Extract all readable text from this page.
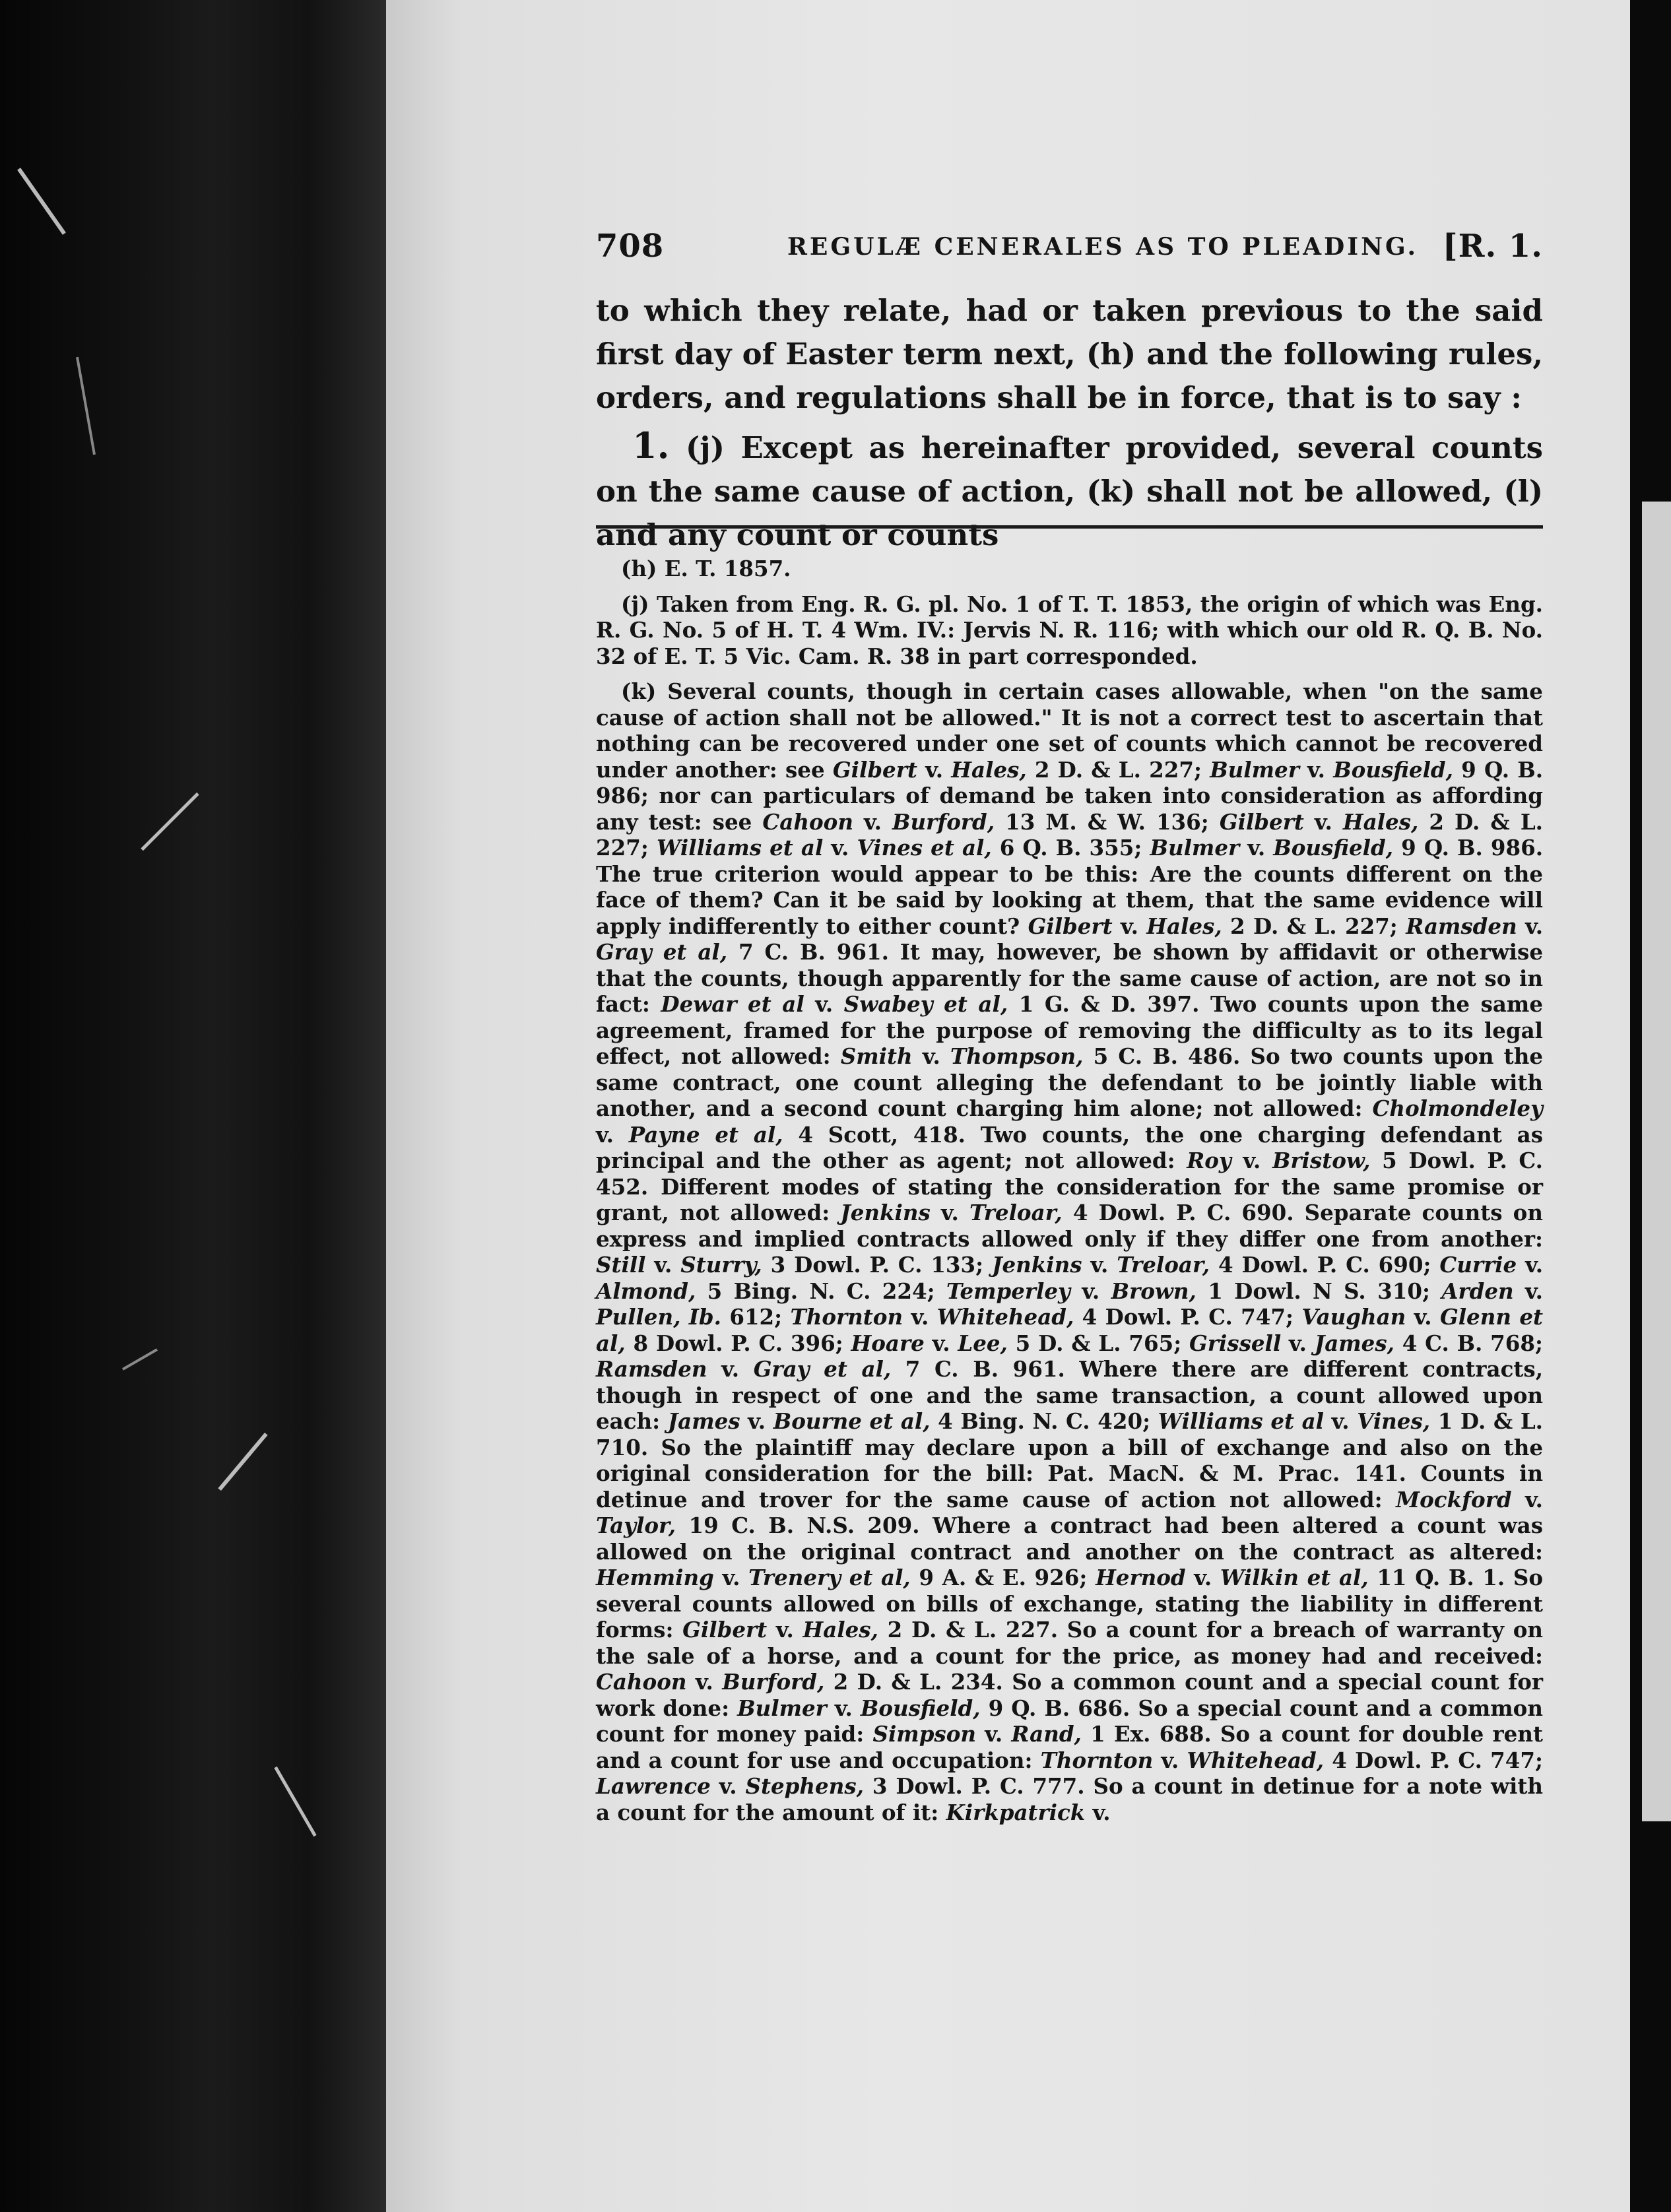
708	REGULÆ CENERALES AS TO PLEADING. [R. 1.

to which they relate, had or taken previous to the said first day of Easter term next, (h) and the following rules, orders, and regulations shall be in force, that is to say :

1. (j) Except as hereinafter provided, several counts on the same cause of action, (k) shall not be allowed, (l) and any count or counts

(h) E. T. 1857.

(j) Taken from Eng. R. G. pl. No. 1 of T. T. 1853, the origin of which was Eng. R. G. No. 5 of H. T. 4 Wm. IV.: Jervis N. R. 116; with which our old R. Q. B. No. 32 of E. T. 5 Vic. Cam. R. 38 in part corresponded.

(k) Several counts, though in certain cases allowable, when "on the same cause of action shall not be allowed." It is not a correct test to ascertain that nothing can be recovered under one set of counts which cannot be recovered under another: see Gilbert v. Hales, 2 D. & L. 227; Bulmer v. Bousfield, 9 Q. B. 986; nor can particulars of demand be taken into consideration as affording any test: see Cahoon v. Burford, 13 M. & W. 136; Gilbert v. Hales, 2 D. & L. 227; Williams et al v. Vines et al, 6 Q. B. 355; Bulmer v. Bousfield, 9 Q. B. 986. The true criterion would appear to be this: Are the counts different on the face of them? Can it be said by looking at them, that the same evidence will apply indifferently to either count? Gilbert v. Hales, 2 D. & L. 227; Ramsden v. Gray et al, 7 C. B. 961. It may, however, be shown by affidavit or otherwise that the counts, though apparently for the same cause of action, are not so in fact: Dewar et al v. Swabey et al, 1 G. & D. 397. Two counts upon the same agreement, framed for the purpose of removing the difficulty as to its legal effect, not allowed: Smith v. Thompson, 5 C. B. 486. So two counts upon the same contract, one count alleging the defendant to be jointly liable with another, and a second count charging him alone; not allowed: Cholmondeley v. Payne et al, 4 Scott, 418. Two counts, the one charging defendant as principal and the other as agent; not allowed: Roy v. Bristow, 5 Dowl. P. C. 452. Different modes of stating the consideration for the same promise or grant, not allowed: Jenkins v. Treloar, 4 Dowl. P. C. 690. Separate counts on express and implied contracts allowed only if they differ one from another: Still v. Sturry, 3 Dowl. P. C. 133; Jenkins v. Treloar, 4 Dowl. P. C. 690; Currie v. Almond, 5 Bing. N. C. 224; Temperley v. Brown, 1 Dowl. N S. 310; Arden v. Pullen, Ib. 612; Thornton v. Whitehead, 4 Dowl. P. C. 747; Vaughan v. Glenn et al, 8 Dowl. P. C. 396; Hoare v. Lee, 5 D. & L. 765; Grissell v. James, 4 C. B. 768; Ramsden v. Gray et al, 7 C. B. 961. Where there are different contracts, though in respect of one and the same transaction, a count allowed upon each: James v. Bourne et al, 4 Bing. N. C. 420; Williams et al v. Vines, 1 D. & L. 710. So the plaintiff may declare upon a bill of exchange and also on the original consideration for the bill: Pat. MacN. & M. Prac. 141. Counts in detinue and trover for the same cause of action not allowed: Mockford v. Taylor, 19 C. B. N.S. 209. Where a contract had been altered a count was allowed on the original contract and another on the contract as altered: Hemming v. Trenery et al, 9 A. & E. 926; Hernod v. Wilkin et al, 11 Q. B. 1. So several counts allowed on bills of exchange, stating the liability in different forms: Gilbert v. Hales, 2 D. & L. 227. So a count for a breach of warranty on the sale of a horse, and a count for the price, as money had and received: Cahoon v. Burford, 2 D. & L. 234. So a common count and a special count for work done: Bulmer v. Bousfield, 9 Q. B. 686. So a special count and a common count for money paid: Simpson v. Rand, 1 Ex. 688. So a count for double rent and a count for use and occupation: Thornton v. Whitehead, 4 Dowl. P. C. 747; Lawrence v. Stephens, 3 Dowl. P. C. 777. So a count in detinue for a note with a count for the amount of it: Kirkpatrick v.
